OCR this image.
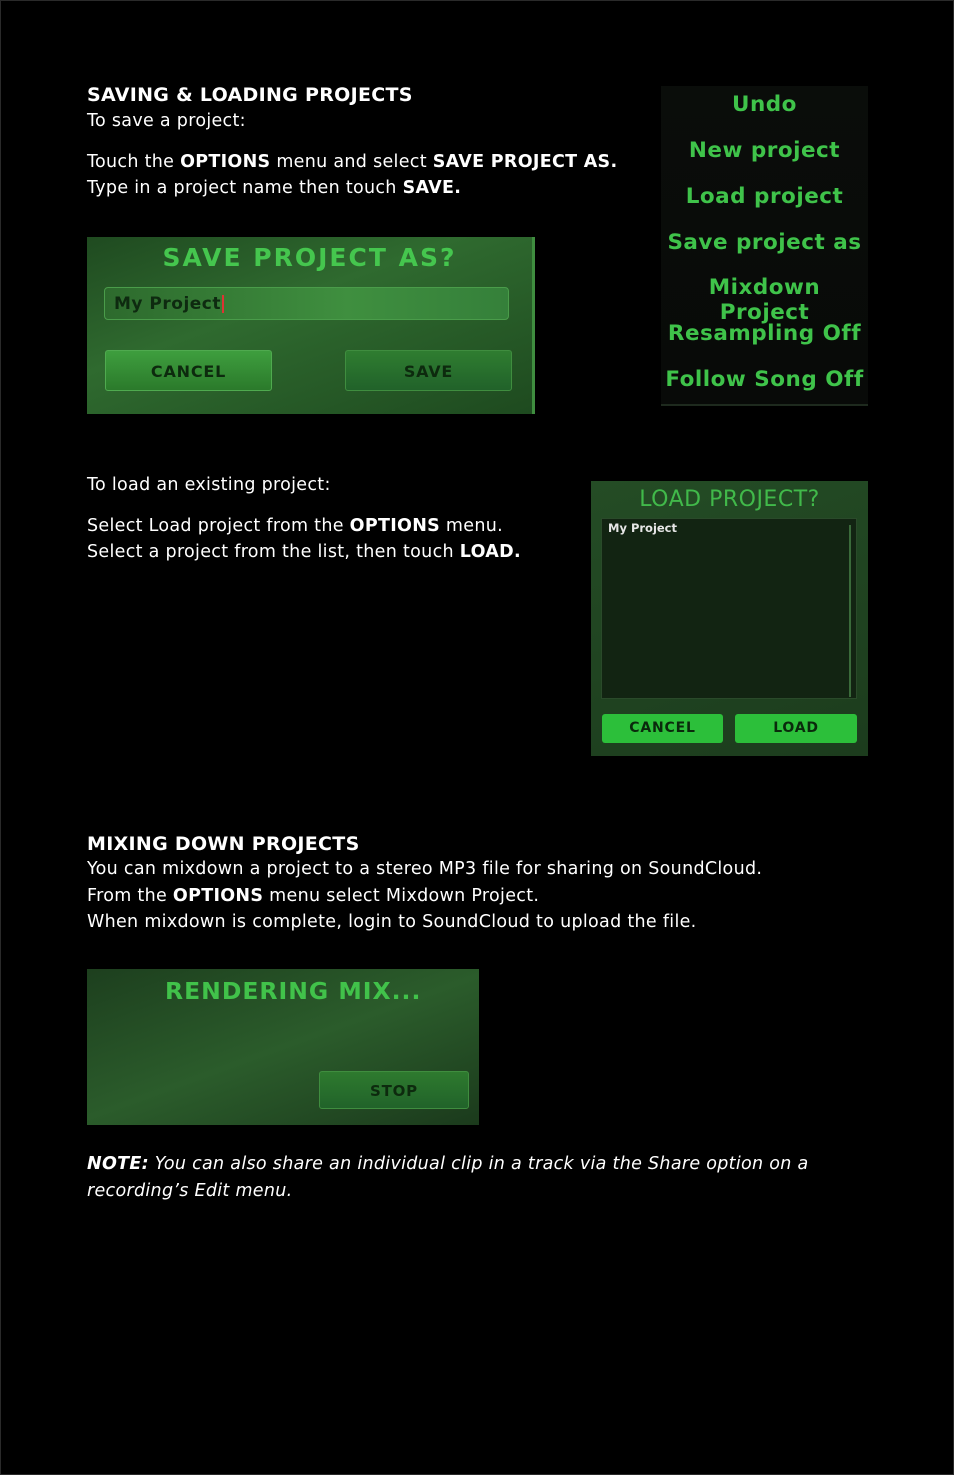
SAVING & LOADING PROJECTS
To save a project:
Touch the OPTIONS menu and select SAVE PROJECT AS.
Type in a project name then touch SAVE.
SAVE PROJECT AS?
My Project
CANCEL	SAVE
Undo
New project
Load project
Save project as
Mixdown Project
Resampling Off
Follow Song Off
To load an existing project:
Select Load project from the OPTIONS menu.
Select a project from the list, then touch LOAD.
LOAD PROJECT?
My Project
CANCEL	LOAD
MIXING DOWN PROJECTS
You can mixdown a project to a stereo MP3 file for sharing on SoundCloud.
From the OPTIONS menu select Mixdown Project.
When mixdown is complete, login to SoundCloud to upload the file.
RENDERING MIX...
STOP
NOTE: You can also share an individual clip in a track via the Share option on a
recording’s Edit menu.
